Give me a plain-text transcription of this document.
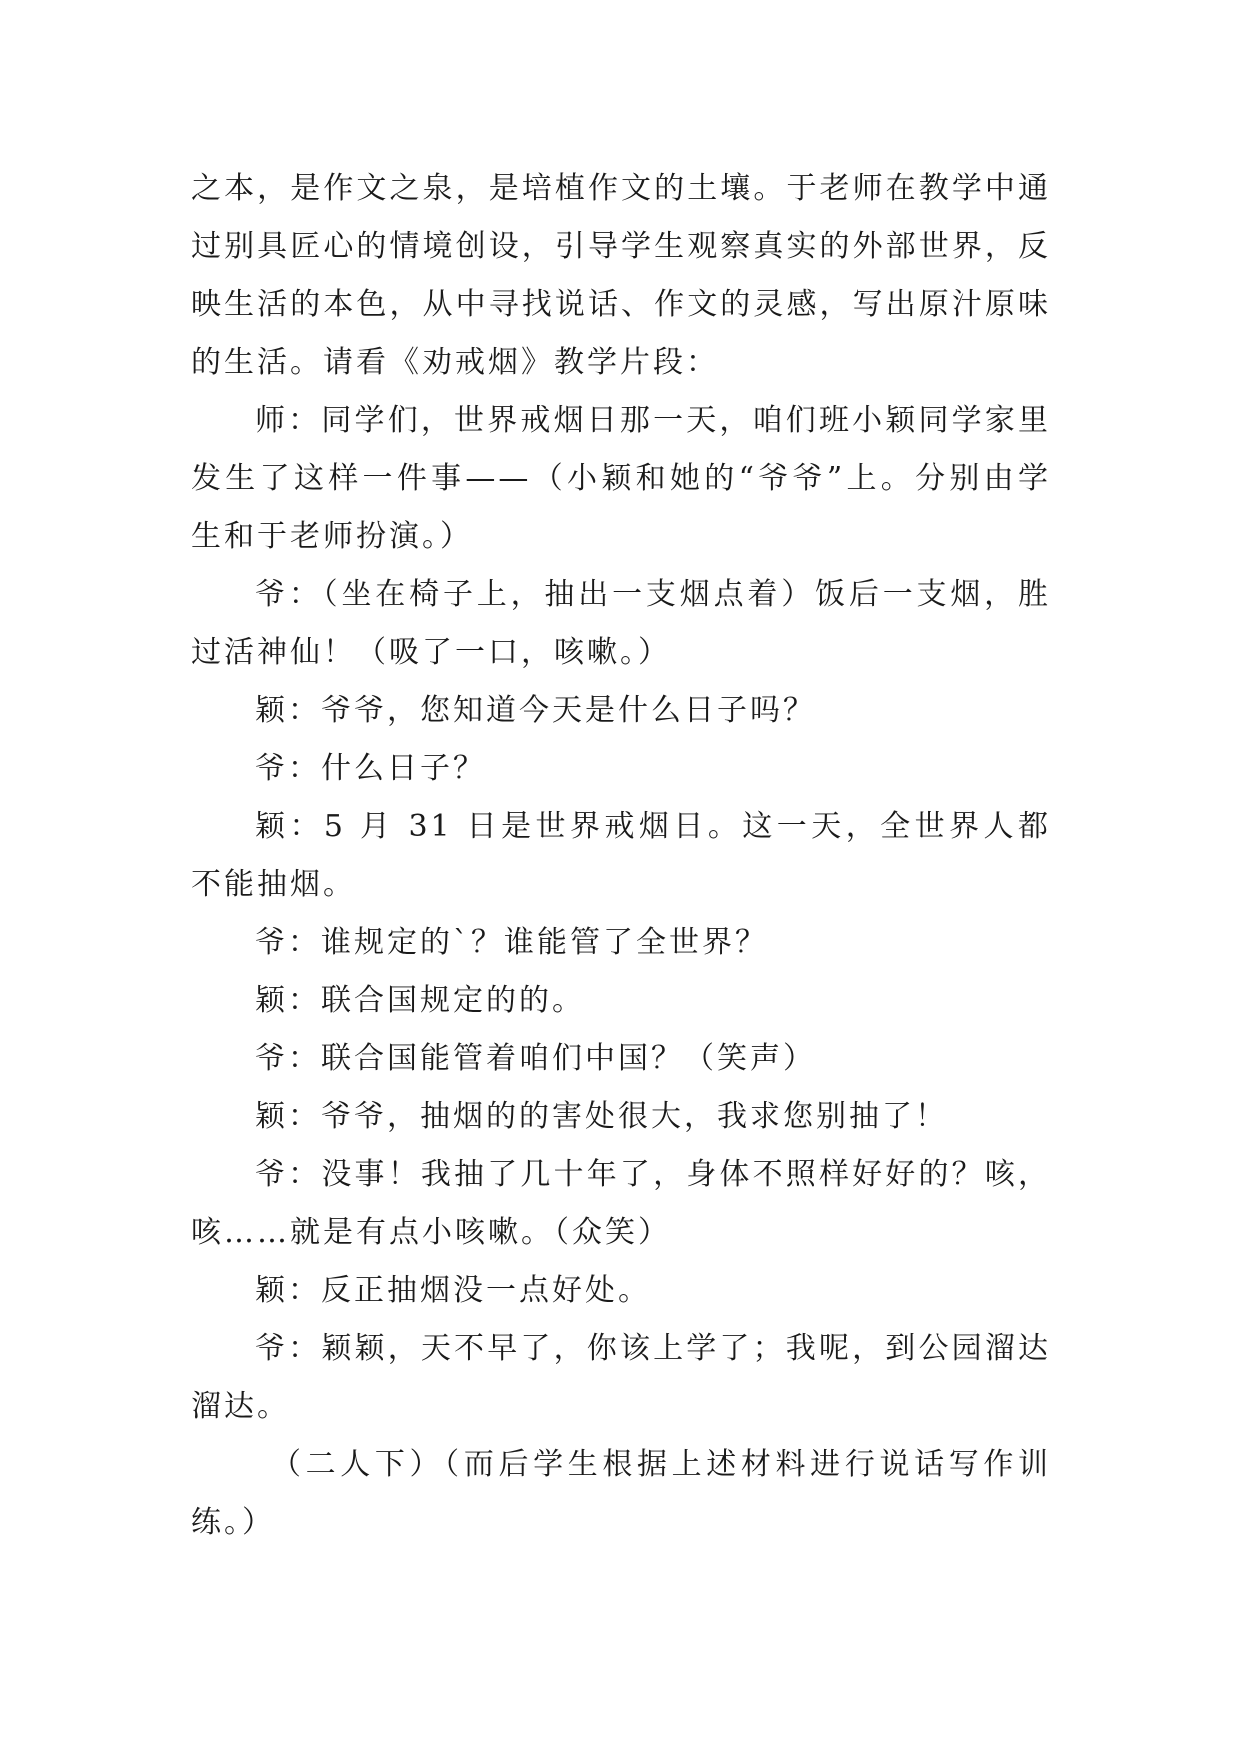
之本，是作文之泉，是培植作文的土壤。于老师在教学中通过别具匠心的情境创设，引导学生观察真实的外部世界，反映生活的本色，从中寻找说话、作文的灵感，写出原汁原味的生活。请看《劝戒烟》教学片段：

师：同学们，世界戒烟日那一天，咱们班小颖同学家里发生了这样一件事——（小颖和她的“爷爷”上。分别由学生和于老师扮演。）

爷：（坐在椅子上，抽出一支烟点着）饭后一支烟，胜过活神仙！（吸了一口，咳嗽。）

颖：爷爷，您知道今天是什么日子吗？

爷：什么日子？

颖：5 月 31 日是世界戒烟日。这一天，全世界人都不能抽烟。

爷：谁规定的`？谁能管了全世界？

颖：联合国规定的的。

爷：联合国能管着咱们中国？（笑声）

颖：爷爷，抽烟的的害处很大，我求您别抽了！

爷：没事！我抽了几十年了，身体不照样好好的？咳，咳……就是有点小咳嗽。（众笑）

颖：反正抽烟没一点好处。

爷：颖颖，天不早了，你该上学了；我呢，到公园溜达溜达。

（二人下）（而后学生根据上述材料进行说话写作训练。）
